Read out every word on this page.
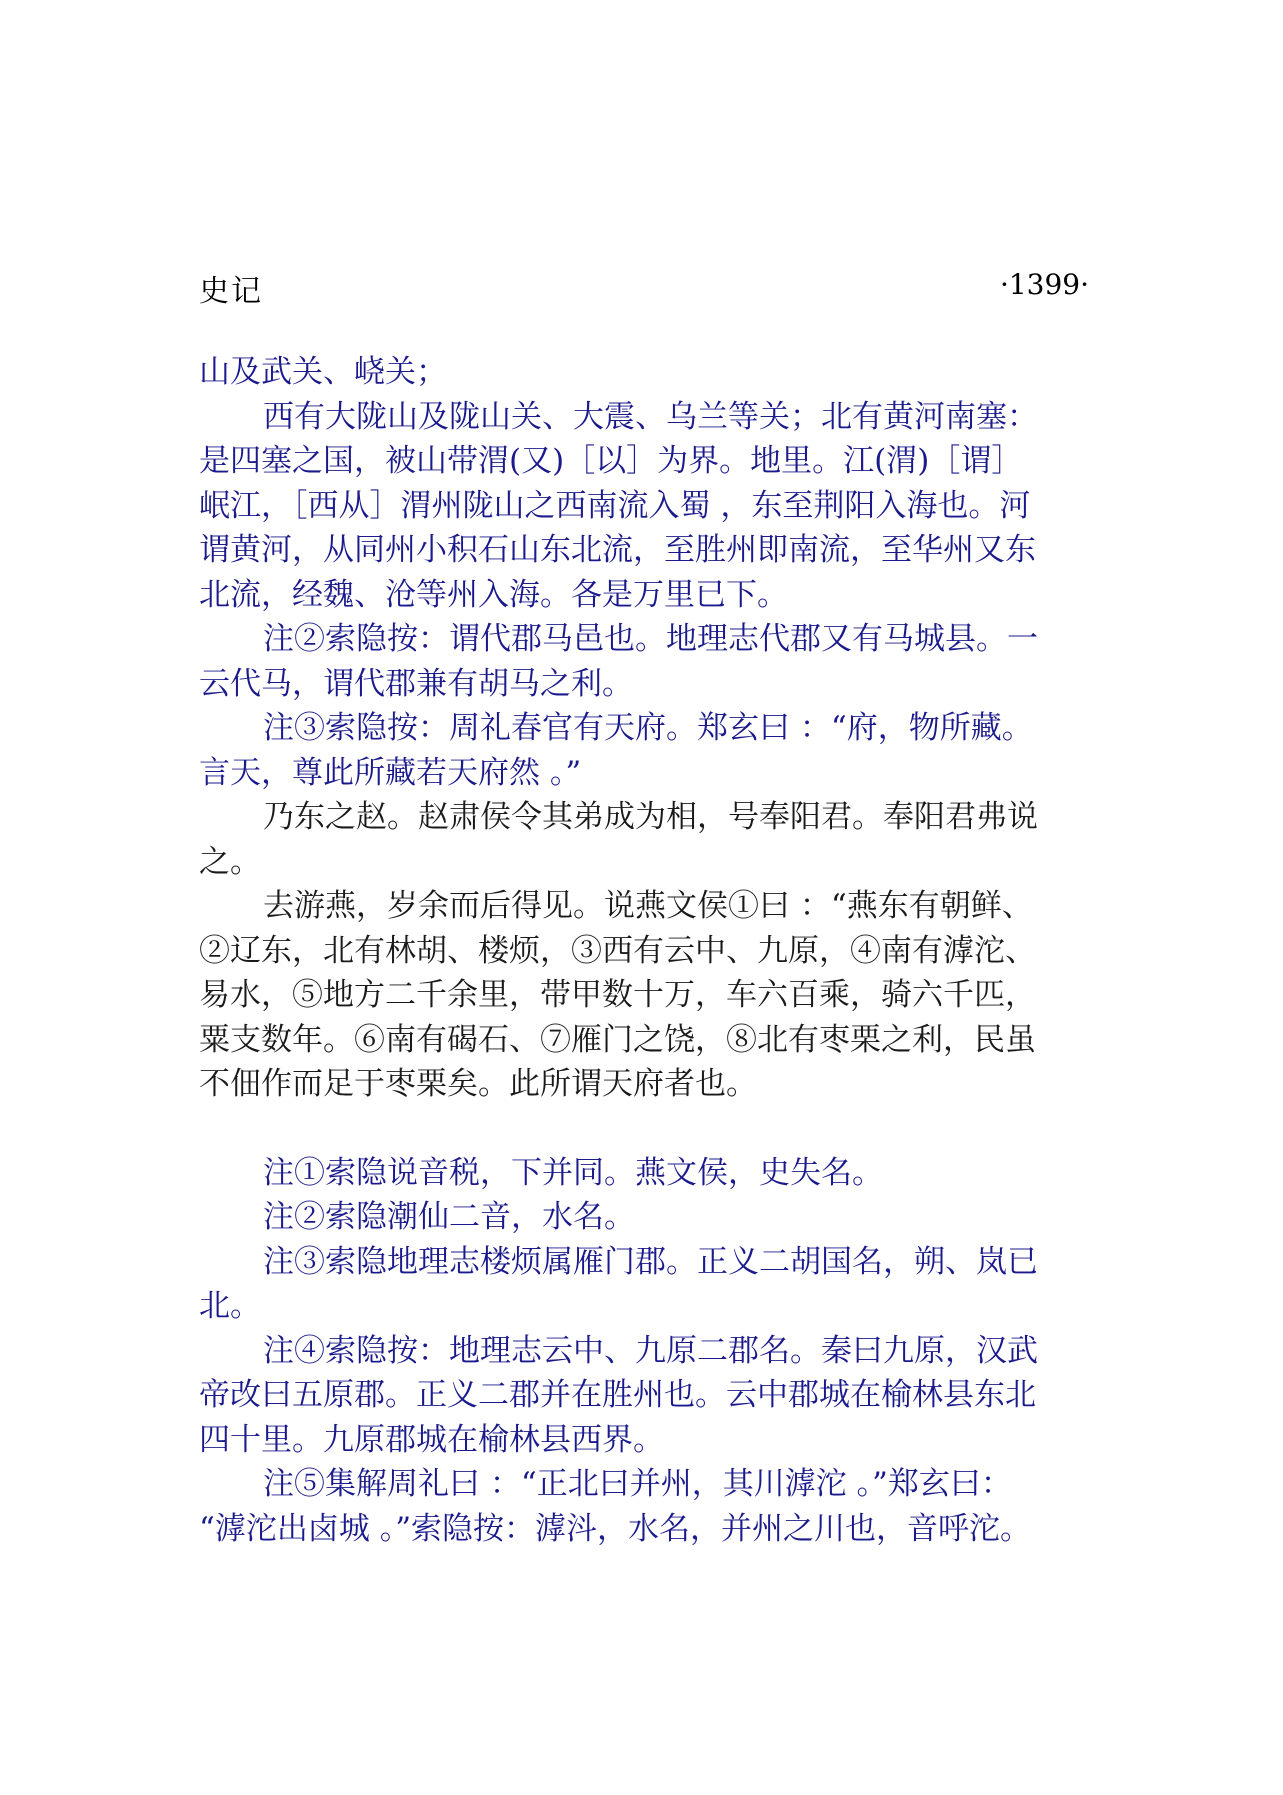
史记	·1399·
山及武关、峣关；
西有大陇山及陇山关、大震、乌兰等关；北有黄河南塞：
是四塞之国，被山带渭(又)［以］为界。地里。江(渭)［谓］
岷江，［西从］渭州陇山之西南流入蜀 ，东至荆阳入海也。河
谓黄河，从同州小积石山东北流，至胜州即南流，至华州又东
北流，经魏、沧等州入海。各是万里已下。
注②索隐按：谓代郡马邑也。地理志代郡又有马城县。一
云代马，谓代郡兼有胡马之利。
注③索隐按：周礼春官有天府。郑玄曰 ：“府，物所藏。
言天，尊此所藏若天府然 。”
乃东之赵。赵肃侯令其弟成为相，号奉阳君。奉阳君弗说
之。
去游燕，岁余而后得见。说燕文侯①曰 ：“燕东有朝鲜、
②辽东，北有林胡、楼烦，③西有云中、九原，④南有滹沱、
易水，⑤地方二千余里，带甲数十万，车六百乘，骑六千匹，
粟支数年。⑥南有碣石、⑦雁门之饶，⑧北有枣栗之利，民虽
不佃作而足于枣栗矣。此所谓天府者也。
注①索隐说音税，下并同。燕文侯，史失名。
注②索隐潮仙二音，水名。
注③索隐地理志楼烦属雁门郡。正义二胡国名，朔、岚已
北。
注④索隐按：地理志云中、九原二郡名。秦曰九原，汉武
帝改曰五原郡。正义二郡并在胜州也。云中郡城在榆林县东北
四十里。九原郡城在榆林县西界。
注⑤集解周礼曰 ：“正北曰并州，其川滹沱 。”郑玄曰：
“滹沱出卤城 。”索隐按：滹㳆，水名，并州之川也，音呼沱。
